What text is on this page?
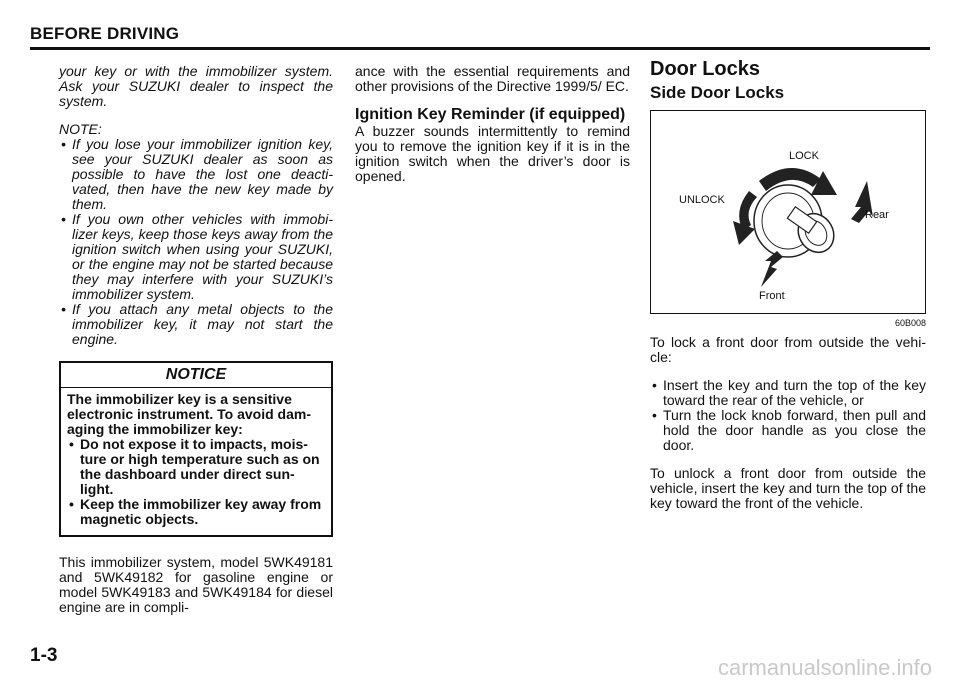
BEFORE DRIVING

your key or with the immobilizer system. Ask your SUZUKI dealer to inspect the system.

NOTE:
• If you lose your immobilizer ignition key, see your SUZUKI dealer as soon as possible to have the lost one deacti-vated, then have the new key made by them.
• If you own other vehicles with immobi-lizer keys, keep those keys away from the ignition switch when using your SUZUKI, or the engine may not be started because they may interfere with your SUZUKI’s immobilizer system.
• If you attach any metal objects to the immobilizer key, it may not start the engine.
NOTICE

The immobilizer key is a sensitive electronic instrument. To avoid dam-aging the immobilizer key:

• Do not expose it to impacts, mois-ture or high temperature such as on the dashboard under direct sun-light.
• Keep the immobilizer key away from magnetic objects.

This immobilizer system, model 5WK49181 and 5WK49182 for gasoline engine or model 5WK49183 and 5WK49184 for diesel engine are in compli-

ance with the essential requirements and other provisions of the Directive 1999/5/ EC.

Ignition Key Reminder (if equipped)

A buzzer sounds intermittently to remind you to remove the ignition key if it is in the ignition switch when the driver’s door is opened.

Door Locks
Side Door Locks
LOCK
UNLOCK
Rear
Front
60B008

To lock a front door from outside the vehi-cle:

• Insert the key and turn the top of the key toward the rear of the vehicle, or
• Turn the lock knob forward, then pull and hold the door handle as you close the door.

To unlock a front door from outside the vehicle, insert the key and turn the top of the key toward the front of the vehicle.

1-3	carmanualsonline.info
